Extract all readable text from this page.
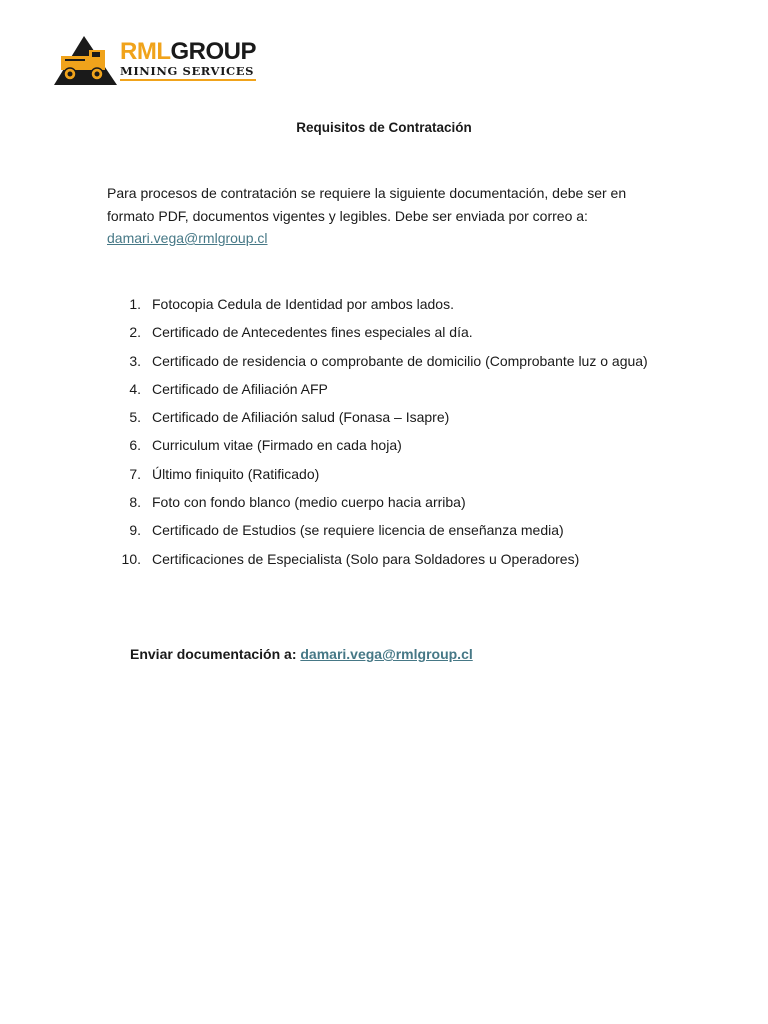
RMLGROUP
MINING SERVICES
Requisitos de Contratación
Para procesos de contratación se requiere la siguiente documentación, debe ser en formato PDF, documentos vigentes y legibles. Debe ser enviada por correo a:
damari.vega@rmlgroup.cl
1. Fotocopia Cedula de Identidad por ambos lados.
2. Certificado de Antecedentes fines especiales al día.
3. Certificado de residencia o comprobante de domicilio (Comprobante luz o agua)
4. Certificado de Afiliación AFP
5. Certificado de Afiliación salud (Fonasa – Isapre)
6. Curriculum vitae (Firmado en cada hoja)
7. Último finiquito (Ratificado)
8. Foto con fondo blanco (medio cuerpo hacia arriba)
9. Certificado de Estudios (se requiere licencia de enseñanza media)
10. Certificaciones de Especialista (Solo para Soldadores u Operadores)
Enviar documentación a: damari.vega@rmlgroup.cl
